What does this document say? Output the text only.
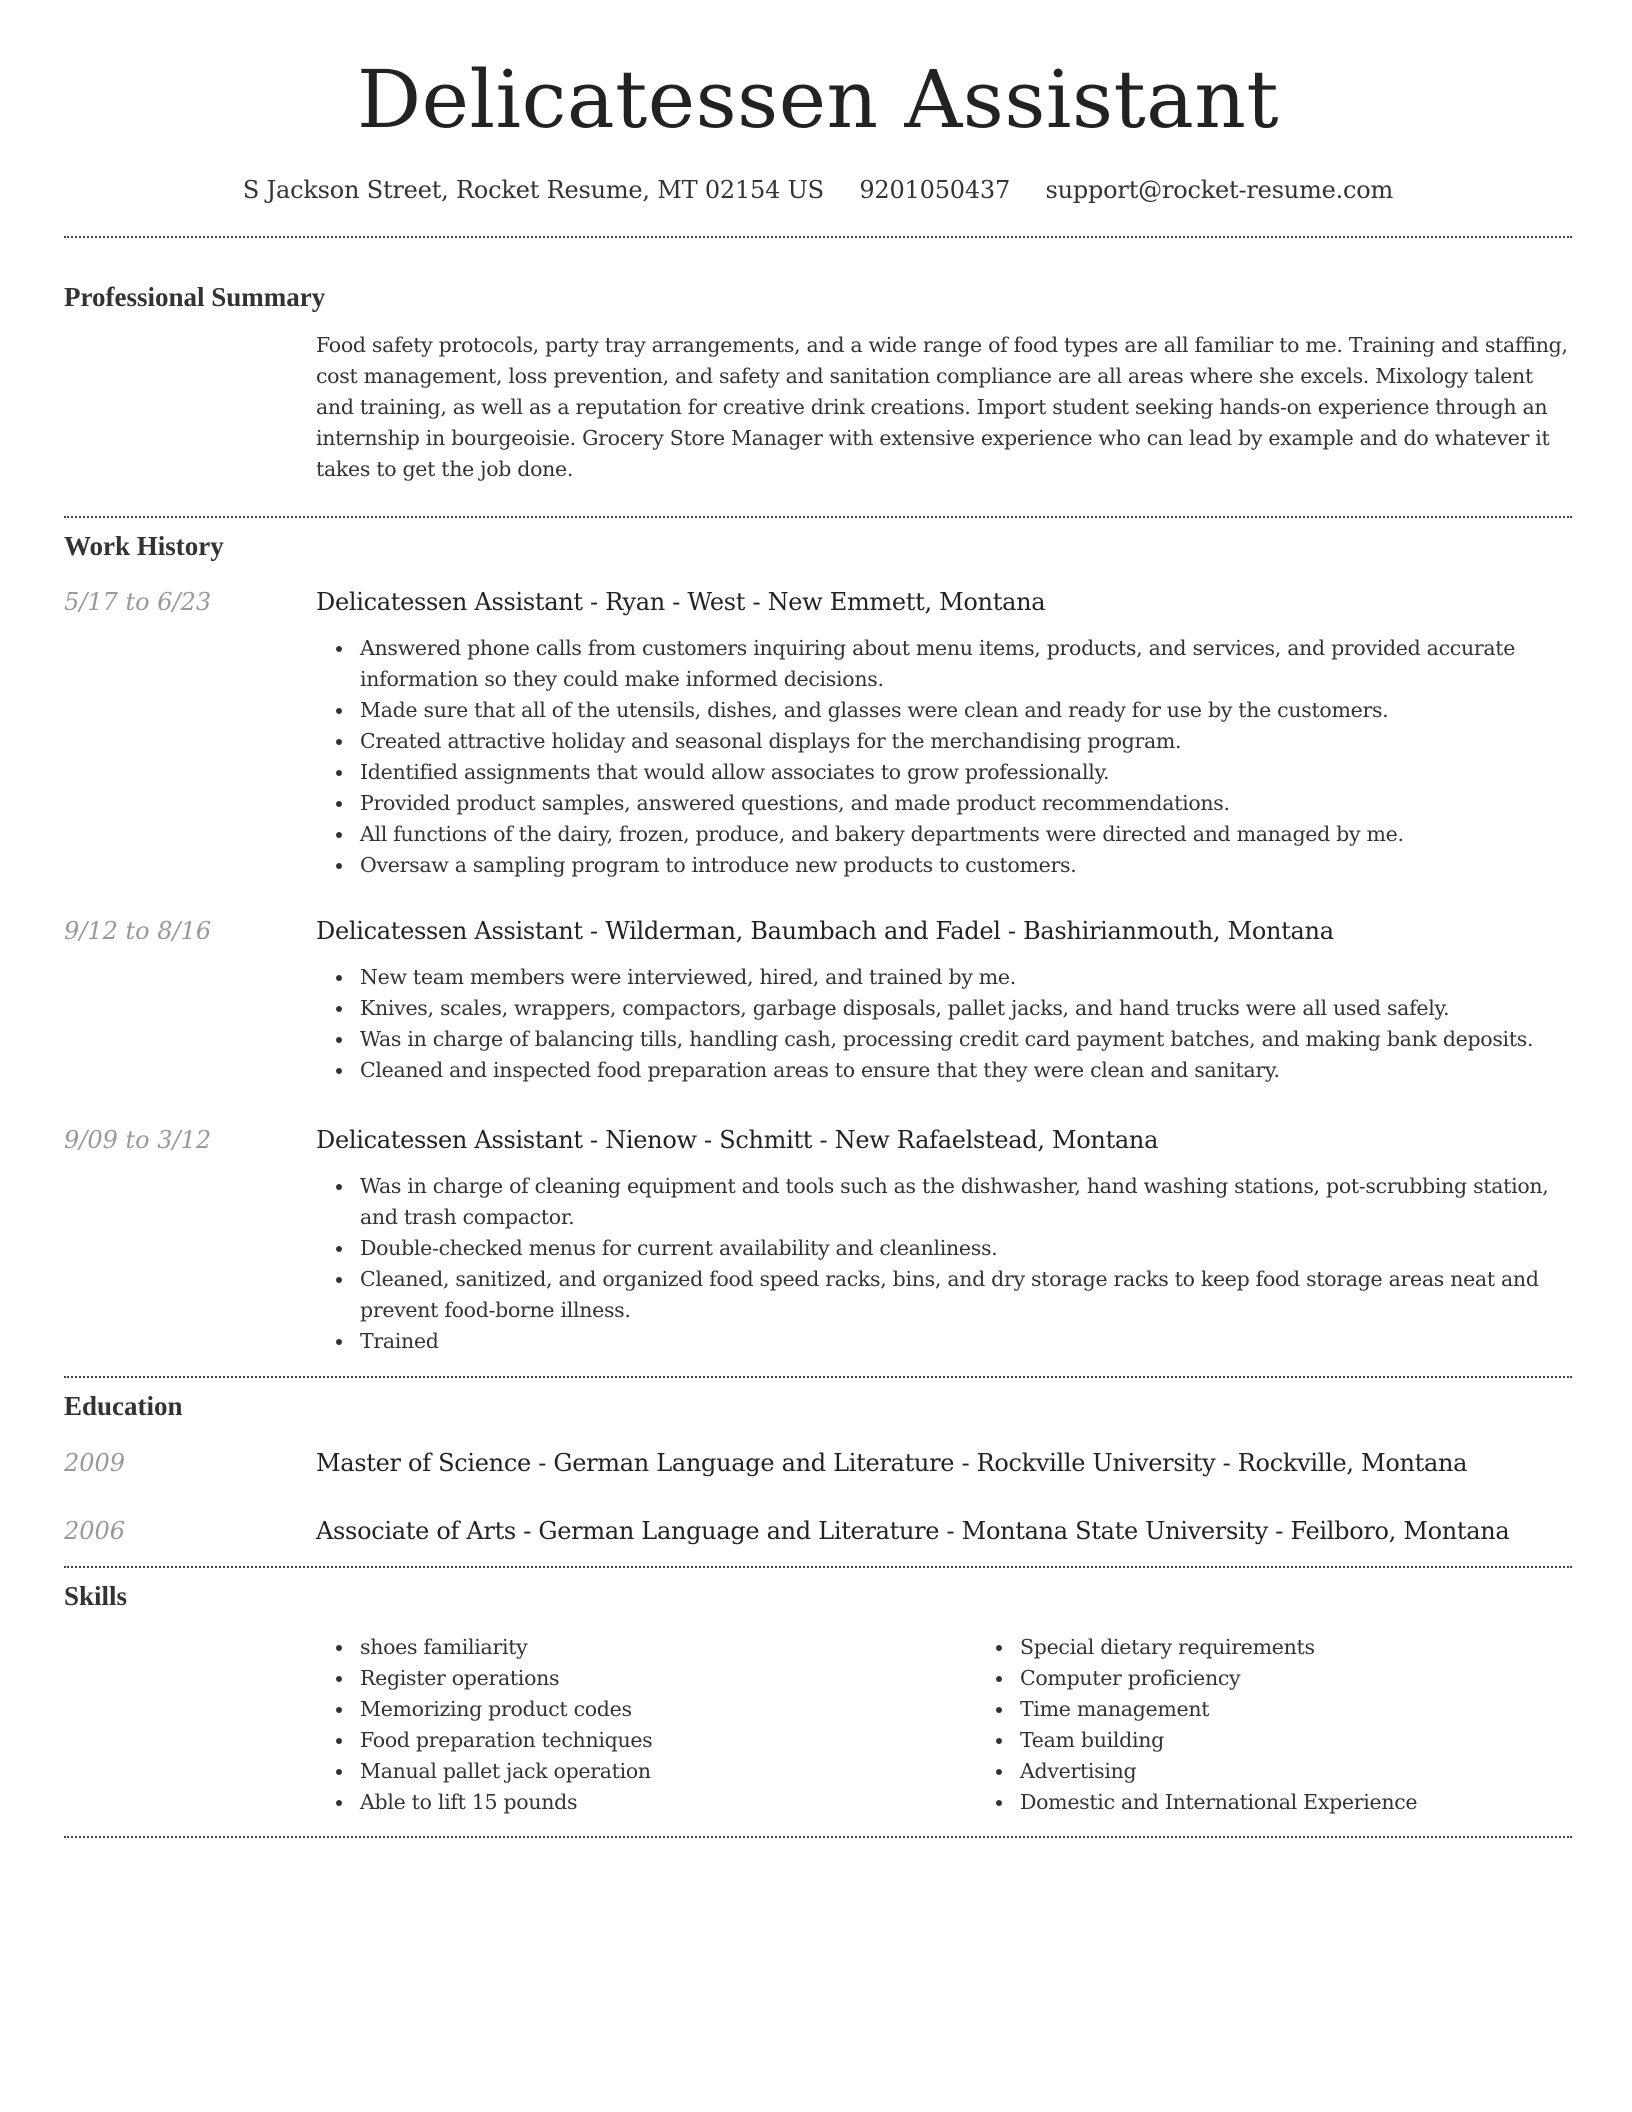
Delicatessen Assistant
S Jackson Street, Rocket Resume, MT 02154 US 9201050437 support@rocket-resume.com
Professional Summary

Food safety protocols, party tray arrangements, and a wide range of food types are all familiar to me. Training and staffing, cost management, loss prevention, and safety and sanitation compliance are all areas where she excels. Mixology talent and training, as well as a reputation for creative drink creations. Import student seeking hands-on experience through an internship in bourgeoisie. Grocery Store Manager with extensive experience who can lead by example and do whatever it takes to get the job done.

Work History
5/17 to 6/23	Delicatessen Assistant - Ryan - West - New Emmett, Montana
Answered phone calls from customers inquiring about menu items, products, and services, and provided accurate information so they could make informed decisions.
Made sure that all of the utensils, dishes, and glasses were clean and ready for use by the customers.
Created attractive holiday and seasonal displays for the merchandising program.
Identified assignments that would allow associates to grow professionally.
Provided product samples, answered questions, and made product recommendations.
All functions of the dairy, frozen, produce, and bakery departments were directed and managed by me.
Oversaw a sampling program to introduce new products to customers.
9/12 to 8/16	Delicatessen Assistant - Wilderman, Baumbach and Fadel - Bashirianmouth, Montana
New team members were interviewed, hired, and trained by me.
Knives, scales, wrappers, compactors, garbage disposals, pallet jacks, and hand trucks were all used safely.
Was in charge of balancing tills, handling cash, processing credit card payment batches, and making bank deposits.
Cleaned and inspected food preparation areas to ensure that they were clean and sanitary.
9/09 to 3/12	Delicatessen Assistant - Nienow - Schmitt - New Rafaelstead, Montana
Was in charge of cleaning equipment and tools such as the dishwasher, hand washing stations, pot-scrubbing station, and trash compactor.
Double-checked menus for current availability and cleanliness.
Cleaned, sanitized, and organized food speed racks, bins, and dry storage racks to keep food storage areas neat and prevent food-borne illness.
Trained
Education
2009	Master of Science - German Language and Literature - Rockville University - Rockville, Montana
2006	Associate of Arts - German Language and Literature - Montana State University - Feilboro, Montana
Skills
shoes familiarity
Register operations
Memorizing product codes
Food preparation techniques
Manual pallet jack operation
Able to lift 15 pounds
Special dietary requirements
Computer proficiency
Time management
Team building
Advertising
Domestic and International Experience
